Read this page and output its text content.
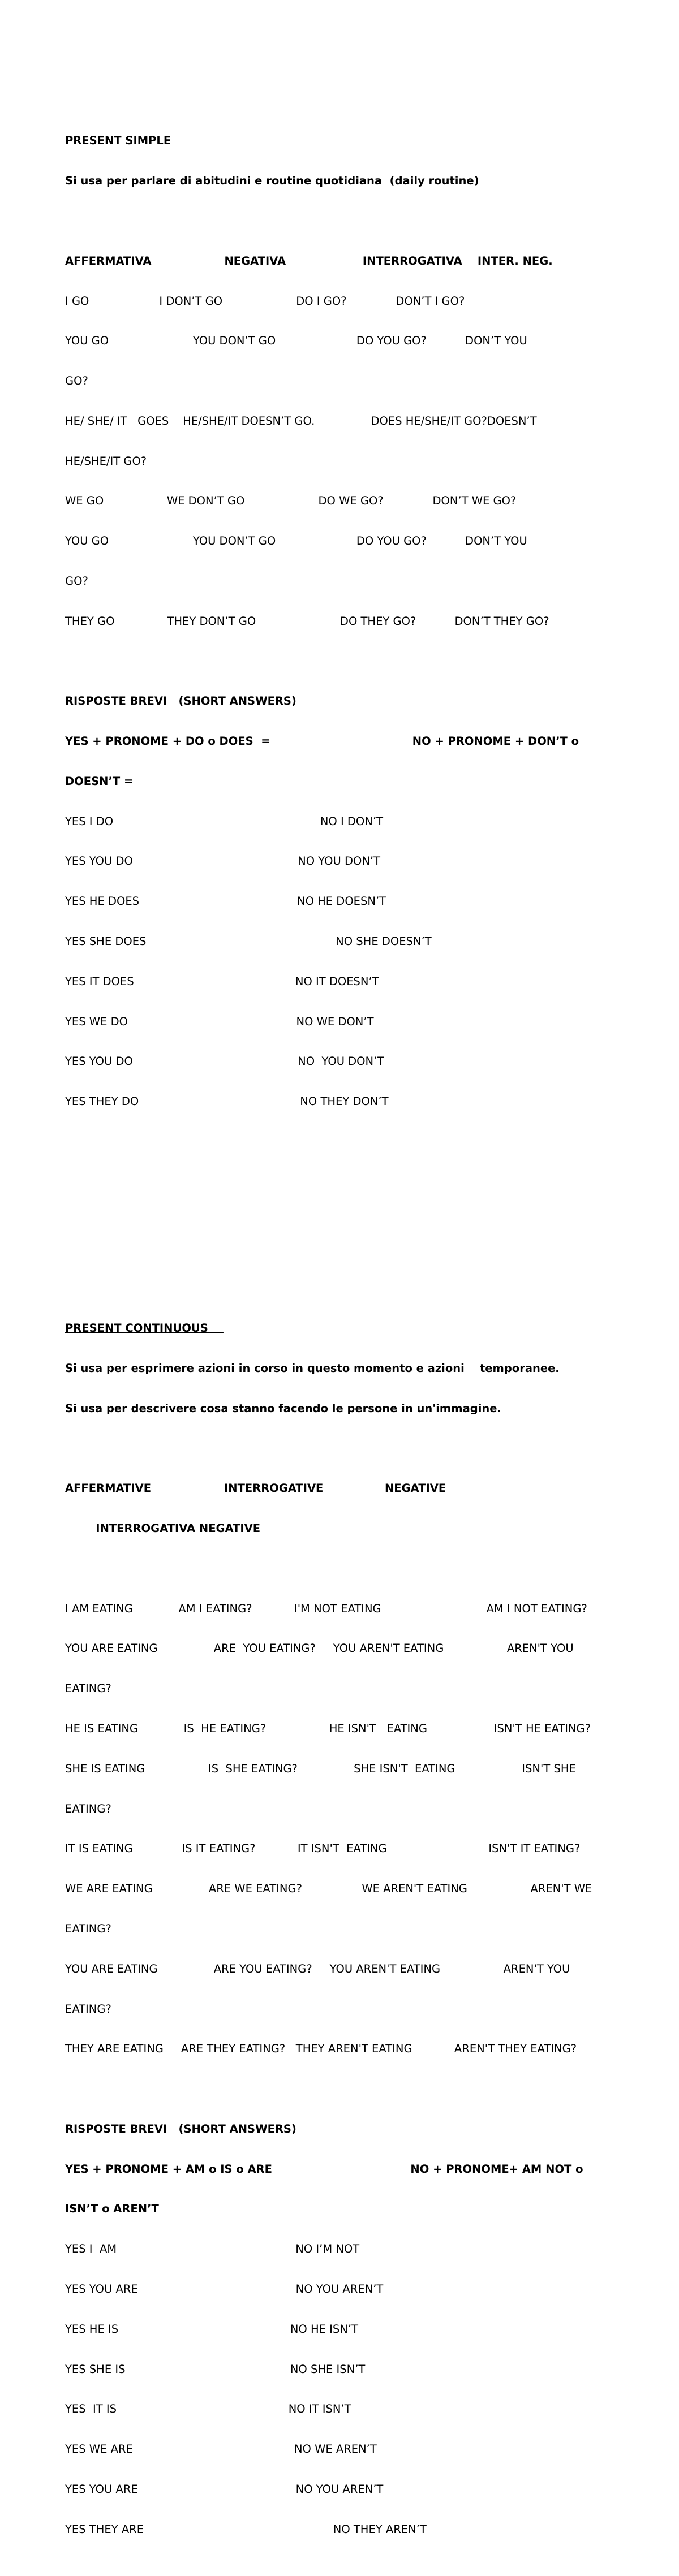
PRESENT SIMPLE

Si usa per parlare di abitudini e routine quotidiana  (daily routine)

AFFERMATIVA                   NEGATIVA                    INTERROGATIVA    INTER. NEG.

I GO                    I DON’T GO                     DO I GO?              DON’T I GO?

YOU GO                        YOU DON’T GO                       DO YOU GO?           DON’T YOU

GO?

HE/ SHE/ IT   GOES    HE/SHE/IT DOESN’T GO.                DOES HE/SHE/IT GO?DOESN’T

HE/SHE/IT GO?

WE GO                  WE DON’T GO                     DO WE GO?              DON’T WE GO?

YOU GO                        YOU DON’T GO                       DO YOU GO?           DON’T YOU

GO?

THEY GO               THEY DON’T GO                        DO THEY GO?           DON’T THEY GO?

RISPOSTE BREVI   (SHORT ANSWERS)

YES + PRONOME + DO o DOES  =                                     NO + PRONOME + DON’T o

DOESN’T =

YES I DO                                                           NO I DON’T

YES YOU DO                                               NO YOU DON’T

YES HE DOES                                             NO HE DOESN’T

YES SHE DOES                                                      NO SHE DOESN’T

YES IT DOES                                              NO IT DOESN’T

YES WE DO                                                NO WE DON’T

YES YOU DO                                               NO  YOU DON’T

YES THEY DO                                              NO THEY DON’T

PRESENT CONTINUOUS

Si usa per esprimere azioni in corso in questo momento e azioni    temporanee.

Si usa per descrivere cosa stanno facendo le persone in un'immagine.

AFFERMATIVE                   INTERROGATIVE                NEGATIVE

INTERROGATIVA NEGATIVE

I AM EATING             AM I EATING?            I'M NOT EATING                              AM I NOT EATING?

YOU ARE EATING                ARE  YOU EATING?     YOU AREN'T EATING                  AREN'T YOU

EATING?

HE IS EATING             IS  HE EATING?                  HE ISN'T   EATING                   ISN'T HE EATING?

SHE IS EATING                  IS  SHE EATING?                SHE ISN'T  EATING                   ISN'T SHE

EATING?

IT IS EATING              IS IT EATING?            IT ISN'T  EATING                             ISN'T IT EATING?

WE ARE EATING                ARE WE EATING?                 WE AREN'T EATING                  AREN'T WE

EATING?

YOU ARE EATING                ARE YOU EATING?     YOU AREN'T EATING                  AREN'T YOU

EATING?

THEY ARE EATING     ARE THEY EATING?   THEY AREN'T EATING            AREN'T THEY EATING?

RISPOSTE BREVI   (SHORT ANSWERS)

YES + PRONOME + AM o IS o ARE                                    NO + PRONOME+ AM NOT o

ISN’T o AREN’T

YES I  AM                                                   NO I’M NOT

YES YOU ARE                                             NO YOU AREN’T

YES HE IS                                                 NO HE ISN’T

YES SHE IS                                               NO SHE ISN’T

YES  IT IS                                                 NO IT ISN’T

YES WE ARE                                              NO WE AREN’T

YES YOU ARE                                             NO YOU AREN’T

YES THEY ARE                                                      NO THEY AREN’T
